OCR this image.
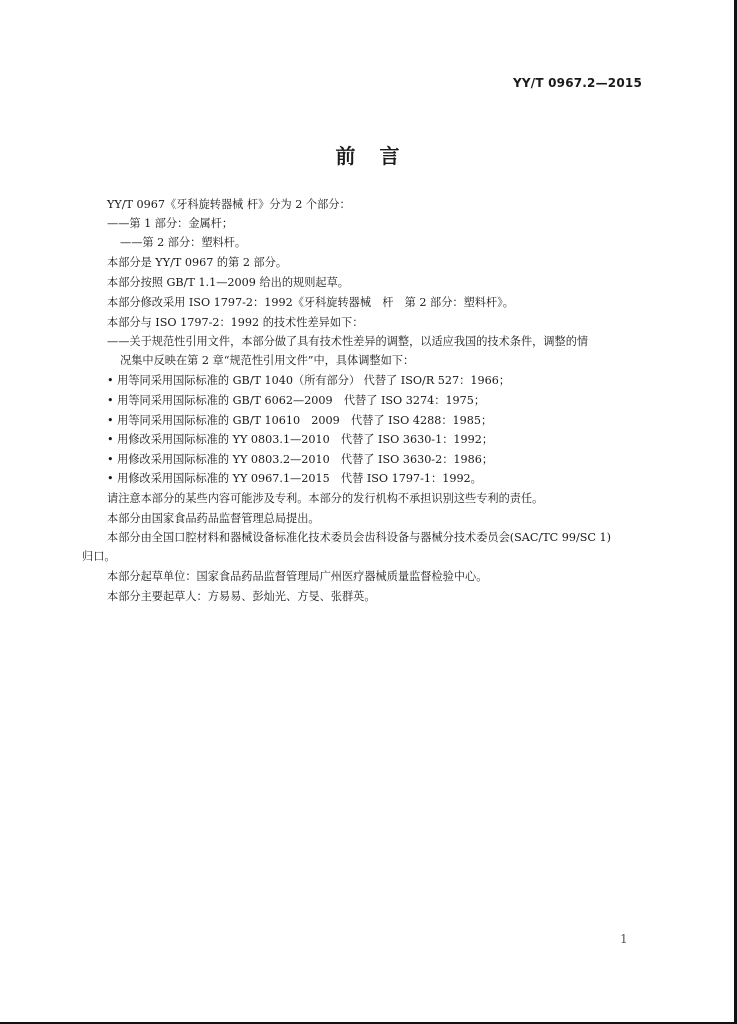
YY/T 0967.2—2015
前　言
YY/T 0967《牙科旋转器械 杆》分为 2 个部分：
——第 1 部分：金属杆；
——第 2 部分：塑料杆。
本部分是 YY/T 0967 的第 2 部分。
本部分按照 GB/T 1.1—2009 给出的规则起草。
本部分修改采用 ISO 1797-2：1992《牙科旋转器械　杆　第 2 部分：塑料杆》。
本部分与 ISO 1797-2：1992 的技术性差异如下：
——关于规范性引用文件，本部分做了具有技术性差异的调整，以适应我国的技术条件，调整的情
况集中反映在第 2 章“规范性引用文件”中，具体调整如下：
• 用等同采用国际标准的 GB/T 1040（所有部分） 代替了 ISO/R 527：1966；
• 用等同采用国际标准的 GB/T 6062—2009　代替了 ISO 3274：1975；
• 用等同采用国际标准的 GB/T 10610　2009　代替了 ISO 4288：1985；
• 用修改采用国际标准的 YY 0803.1—2010　代替了 ISO 3630-1：1992；
• 用修改采用国际标准的 YY 0803.2—2010　代替了 ISO 3630-2：1986；
• 用修改采用国际标准的 YY 0967.1—2015　代替 ISO 1797-1：1992。
请注意本部分的某些内容可能涉及专利。本部分的发行机构不承担识别这些专利的责任。
本部分由国家食品药品监督管理总局提出。
本部分由全国口腔材料和器械设备标准化技术委员会齿科设备与器械分技术委员会(SAC/TC 99/SC 1)
归口。
本部分起草单位：国家食品药品监督管理局广州医疗器械质量监督检验中心。
本部分主要起草人：方易易、彭灿光、方旻、张群英。
1
